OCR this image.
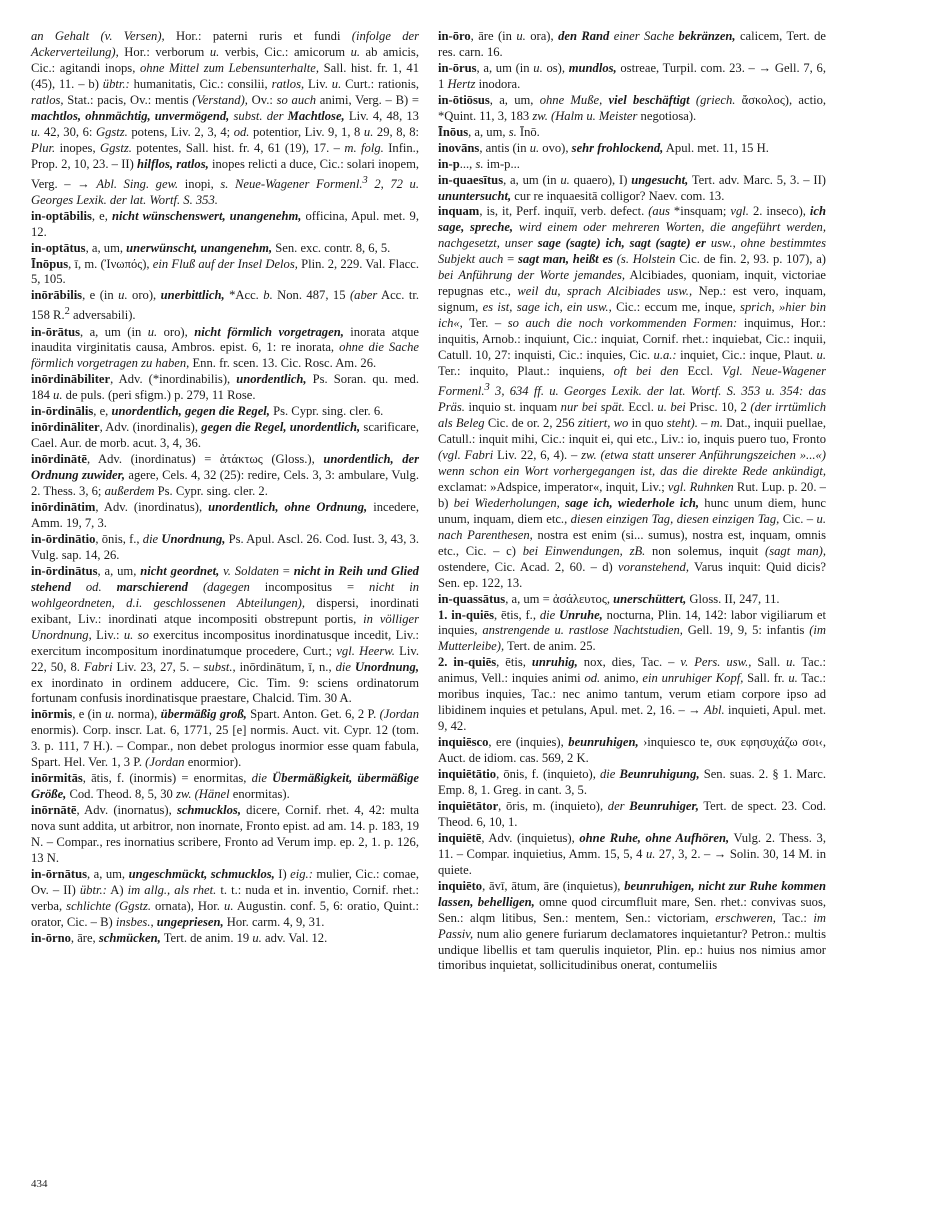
an Gehalt (v. Versen), Hor.: paterni ruris et fundi (infolge der Ackerverteilung), Hor.: verborum u. verbis, Cic.: amicorum u. ab amicis, Cic.: agitandi inops, ohne Mittel zum Lebensunterhalte, Sall. hist. fr. 1, 41 (45), 11. – b) übtr.: humanitatis, Cic.: consilii, ratlos, Liv. u. Curt.: rationis, ratlos, Stat.: pacis, Ov.: mentis (Verstand), Ov.: so auch animi, Verg. – B) = machtlos, ohnmächtig, unvermögend, subst. der Machtlose, Liv. 4, 48, 13 u. 42, 30, 6: Ggstz. potens, Liv. 2, 3, 4; od. potentior, Liv. 9, 1, 8 u. 29, 8, 8: Plur. inopes, Ggstz. potentes, Sall. hist. fr. 4, 61 (19), 17. – m. folg. Infin., Prop. 2, 10, 23. – II) hilflos, ratlos, inopes relicti a duce, Cic.: solari inopem, Verg. – → Abl. Sing. gew. inopi, s. Neue-Wagener Formenl.$^3$ 2, 72 u. Georges Lexik. der lat. Wortf. S. 353.

in-optābilis, e, nicht wünschenswert, unangenehm, officina, Apul. met. 9, 12.

in-optātus, a, um, unerwünscht, unangenehm, Sen. exc. contr. 8, 6, 5.

Īnōpus, ī, m. (Ἰνωπός), ein Fluß auf der Insel Delos, Plin. 2, 229. Val. Flacc. 5, 105.

inōrābilis, e (in u. oro), unerbittlich, *Acc. b. Non. 487, 15 (aber Acc. tr. 158 R.$^2$ adversabili).

in-ōrātus, a, um (in u. oro), nicht förmlich vorgetragen, inorata atque inaudita virginitatis causa, Ambros. epist. 6, 1: re inorata, ohne die Sache förmlich vorgetragen zu haben, Enn. fr. scen. 13. Cic. Rosc. Am. 26.

inōrdinābiliter, Adv. (*inordinabilis), unordentlich, Ps. Soran. qu. med. 184 u. de puls. (peri sfigm.) p. 279, 11 Rose.

in-ōrdinālis, e, unordentlich, gegen die Regel, Ps. Cypr. sing. cler. 6.

inōrdināliter, Adv. (inordinalis), gegen die Regel, unordentlich, scarificare, Cael. Aur. de morb. acut. 3, 4, 36.

inōrdinātē, Adv. (inordinatus) = ἀτάκτως (Gloss.), unordentlich, der Ordnung zuwider, agere, Cels. 4, 32 (25): redire, Cels. 3, 3: ambulare, Vulg. 2. Thess. 3, 6; außerdem Ps. Cypr. sing. cler. 2.

inōrdinātim, Adv. (inordinatus), unordentlich, ohne Ordnung, incedere, Amm. 19, 7, 3.

in-ōrdinātio, ōnis, f., die Unordnung, Ps. Apul. Ascl. 26. Cod. Iust. 3, 43, 3. Vulg. sap. 14, 26.

in-ōrdinātus, a, um, nicht geordnet, v. Soldaten = nicht in Reih und Glied stehend od. marschierend (dagegen incompositus = nicht in wohlgeordneten, d.i. geschlossenen Abteilungen), dispersi, inordinati exibant, Liv.: inordinati atque incompositi obstrepunt portis, in völliger Unordnung, Liv.: u. so exercitus incompositus inordinatusque incedit, Liv.: exercitum incompositum inordinatumque procedere, Curt.; vgl. Heerw. Liv. 22, 50, 8. Fabri Liv. 23, 27, 5. – subst., inōrdinātum, ī, n., die Unordnung, ex inordinato in ordinem adducere, Cic. Tim. 9: sciens ordinatorum fortunam confusis inordinatisque praestare, Chalcid. Tim. 30 A.

inōrmis, e (in u. norma), übermäßig groß, Spart. Anton. Get. 6, 2 P. (Jordan enormis). Corp. inscr. Lat. 6, 1771, 25 [e] normis. Auct. vit. Cypr. 12 (tom. 3. p. 111, 7 H.). – Compar., non debet prologus inormior esse quam fabula, Spart. Hel. Ver. 1, 3 P. (Jordan enormior).

inōrmitās, ātis, f. (inormis) = enormitas, die Übermäßigkeit, übermäßige Größe, Cod. Theod. 8, 5, 30 zw. (Hänel enormitas).

inōrnātē, Adv. (inornatus), schmucklos, dicere, Cornif. rhet. 4, 42: multa nova sunt addita, ut arbitror, non inornate, Fronto epist. ad am. 14. p. 183, 19 N. – Compar., res inornatius scribere, Fronto ad Verum imp. ep. 2, 1. p. 126, 13 N.

in-ōrnātus, a, um, ungeschmückt, schmucklos, I) eig.: mulier, Cic.: comae, Ov. – II) übtr.: A) im allg., als rhet. t. t.: nuda et in. inventio, Cornif. rhet.: verba, schlichte (Ggstz. ornata), Hor. u. Augustin. conf. 5, 6: oratio, Quint.: orator, Cic. – B) insbes., ungepriesen, Hor. carm. 4, 9, 31.

in-ōrno, āre, schmücken, Tert. de anim. 19 u. adv. Val. 12.

in-ōro, āre (in u. ora), den Rand einer Sache bekränzen, calicem, Tert. de res. carn. 16.

in-ōrus, a, um (in u. os), mundlos, ostreae, Turpil. com. 23. – → Gell. 7, 6, 1 Hertz inodora.

in-ōtiōsus, a, um, ohne Muße, viel beschäftigt (griech. ἄσκολος), actio, *Quint. 11, 3, 183 zw. (Halm u. Meister negotiosa).

Īnōus, a, um, s. Īnō.

inovāns, antis (in u. ovo), sehr frohlockend, Apul. met. 11, 15 H.

in-p..., s. im-p...

in-quaesītus, a, um (in u. quaero), I) ungesucht, Tert. adv. Marc. 5, 3. – II) ununtersucht, cur re inquaesitā colligor? Naev. com. 13.

inquam, is, it, Perf. inquiī, verb. defect. (aus *insquam; vgl. 2. inseco), ich sage, spreche, wird einem oder mehreren Worten, die angeführt werden, nachgesetzt, unser sage (sagte) ich, sagt (sagte) er usw., ohne bestimmtes Subjekt auch = sagt man, heißt es (s. Holstein Cic. de fin. 2, 93. p. 107), a) bei Anführung der Worte jemandes, Alcibiades, quoniam, inquit, victoriae repugnas etc., weil du, sprach Alcibiades usw., Nep.: est vero, inquam, signum, es ist, sage ich, ein usw., Cic.: eccum me, inque, sprich, »hier bin ich«, Ter. – so auch die noch vorkommenden Formen: inquimus, Hor.: inquitis, Arnob.: inquiunt, Cic.: inquiat, Cornif. rhet.: inquiebat, Cic.: inquii, Catull. 10, 27: inquisti, Cic.: inquies, Cic. u.a.: inquiet, Cic.: inque, Plaut. u. Ter.: inquito, Plaut.: inquiens, oft bei den Eccl. Vgl. Neue-Wagener Formenl.$^3$ 3, 634 ff. u. Georges Lexik. der lat. Wortf. S. 353 u. 354: das Präs. inquio st. inquam nur bei spät. Eccl. u. bei Prisc. 10, 2 (der irrtümlich als Beleg Cic. de or. 2, 256 zitiert, wo in quo steht). – m. Dat., inquii puellae, Catull.: inquit mihi, Cic.: inquit ei, qui etc., Liv.: io, inquis puero tuo, Fronto (vgl. Fabri Liv. 22, 6, 4). – zw. (etwa statt unserer Anführungszeichen »...«) wenn schon ein Wort vorhergegangen ist, das die direkte Rede ankündigt, exclamat: »Adspice, imperator«, inquit, Liv.; vgl. Ruhnken Rut. Lup. p. 20. – b) bei Wiederholungen, sage ich, wiederhole ich, hunc unum diem, hunc unum, inquam, diem etc., diesen einzigen Tag, diesen einzigen Tag, Cic. – u. nach Parenthesen, nostra est enim (si... sumus), nostra est, inquam, omnis etc., Cic. – c) bei Einwendungen, zB. non solemus, inquit (sagt man), ostendere, Cic. Acad. 2, 60. – d) voranstehend, Varus inquit: Quid dicis? Sen. ep. 122, 13.

in-quassātus, a, um = ἀσάλευτος, unerschüttert, Gloss. II, 247, 11.

1. in-quiēs, ētis, f., die Unruhe, nocturna, Plin. 14, 142: labor vigiliarum et inquies, anstrengende u. rastlose Nachtstudien, Gell. 19, 9, 5: infantis (im Mutterleibe), Tert. de anim. 25.

2. in-quiēs, ētis, unruhig, nox, dies, Tac. – v. Pers. usw., Sall. u. Tac.: animus, Vell.: inquies animi od. animo, ein unruhiger Kopf, Sall. fr. u. Tac.: moribus inquies, Tac.: nec animo tantum, verum etiam corpore ipso ad libidinem inquies et petulans, Apul. met. 2, 16. – → Abl. inquieti, Apul. met. 9, 42.

inquiēsco, ere (inquies), beunruhigen, ›inquiesco te, συκ εφησυχάζω σοι‹, Auct. de idiom. cas. 569, 2 K.

inquiētātio, ōnis, f. (inquieto), die Beunruhigung, Sen. suas. 2. § 1. Marc. Emp. 8, 1. Greg. in cant. 3, 5.

inquiētātor, ōris, m. (inquieto), der Beunruhiger, Tert. de spect. 23. Cod. Theod. 6, 10, 1.

inquiētē, Adv. (inquietus), ohne Ruhe, ohne Aufhören, Vulg. 2. Thess. 3, 11. – Compar. inquietius, Amm. 15, 5, 4 u. 27, 3, 2. – → Solin. 30, 14 M. in quiete.

inquiēto, āvī, ātum, āre (inquietus), beunruhigen, nicht zur Ruhe kommen lassen, behelligen, omne quod circumfluit mare, Sen. rhet.: convivas suos, Sen.: alqm litibus, Sen.: mentem, Sen.: victoriam, erschweren, Tac.: im Passiv, num alio genere furiarum declamatores inquietantur? Petron.: multis undique libellis et tam querulis inquietor, Plin. ep.: huius nos nimius amor timoribus inquietat, sollicitudinibus onerat, contumeliis

434
